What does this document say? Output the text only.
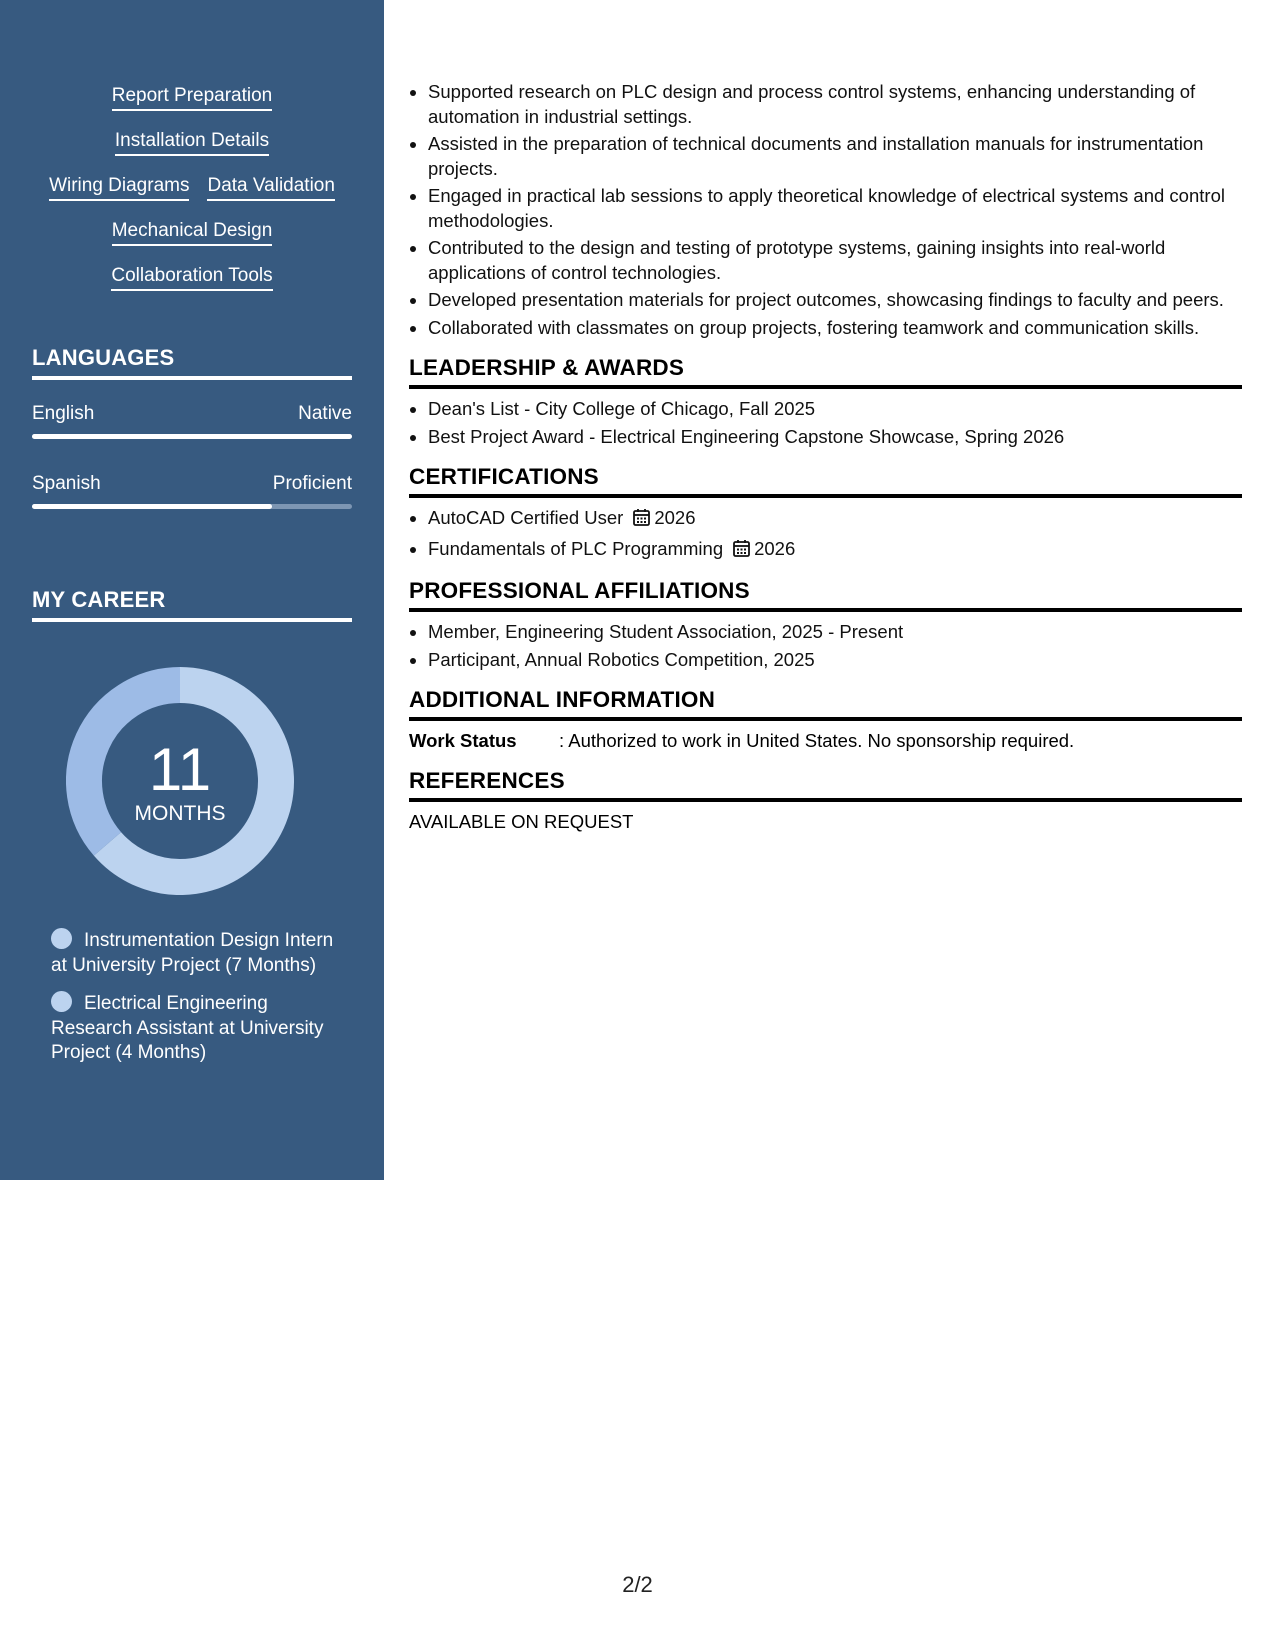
Report Preparation
Installation Details
Wiring Diagrams Data Validation
Mechanical Design
Collaboration Tools
LANGUAGES
English	Native
Spanish	Proficient
MY CAREER
11
MONTHS
Instrumentation Design Intern at University Project (7 Months)
Electrical Engineering Research Assistant at University Project (4 Months)
• Supported research on PLC design and process control systems, enhancing understanding of automation in industrial settings.
• Assisted in the preparation of technical documents and installation manuals for instrumentation projects.
• Engaged in practical lab sessions to apply theoretical knowledge of electrical systems and control methodologies.
• Contributed to the design and testing of prototype systems, gaining insights into real-world applications of control technologies.
• Developed presentation materials for project outcomes, showcasing findings to faculty and peers.
• Collaborated with classmates on group projects, fostering teamwork and communication skills.
LEADERSHIP & AWARDS
• Dean's List - City College of Chicago, Fall 2025
• Best Project Award - Electrical Engineering Capstone Showcase, Spring 2026
CERTIFICATIONS
• AutoCAD Certified User 2026
• Fundamentals of PLC Programming 2026
PROFESSIONAL AFFILIATIONS
• Member, Engineering Student Association, 2025 - Present
• Participant, Annual Robotics Competition, 2025
ADDITIONAL INFORMATION
Work Status	: Authorized to work in United States. No sponsorship required.
REFERENCES
AVAILABLE ON REQUEST
2/2
